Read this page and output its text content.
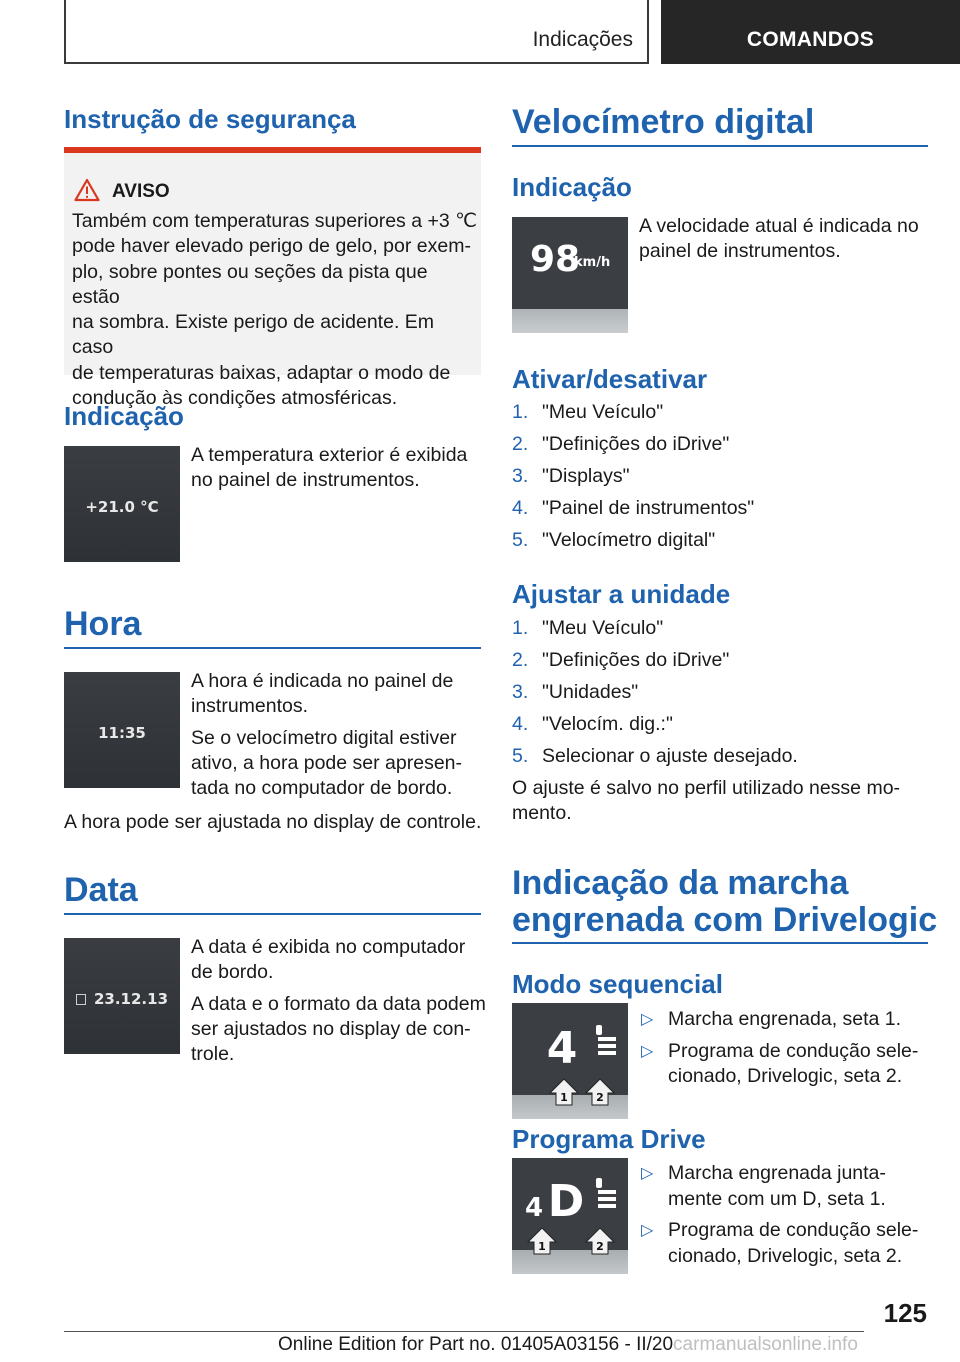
Indicações	COMANDOS
Instrução de segurança
AVISO
Também com temperaturas superiores a +3 ℃
pode haver elevado perigo de gelo, por exem-
plo, sobre pontes ou seções da pista que estão
na sombra. Existe perigo de acidente. Em caso
de temperaturas baixas, adaptar o modo de
condução às condições atmosféricas.
Indicação
+21.0 °C
A temperatura exterior é exibida
no painel de instrumentos.
Hora
11:35
A hora é indicada no painel de
instrumentos.
Se o velocímetro digital estiver
ativo, a hora pode ser apresen-
tada no computador de bordo.
A hora pode ser ajustada no display de controle.
Data
23.12.13
A data é exibida no computador
de bordo.
A data e o formato da data podem
ser ajustados no display de con-
trole.
Velocímetro digital
Indicação
98
km/h
A velocidade atual é indicada no
painel de instrumentos.
Ativar/desativar
1. "Meu Veículo"
2. "Definições do iDrive"
3. "Displays"
4. "Painel de instrumentos"
5. "Velocímetro digital"
Ajustar a unidade
1. "Meu Veículo"
2. "Definições do iDrive"
3. "Unidades"
4. "Velocím. dig.:"
5. Selecionar o ajuste desejado.
O ajuste é salvo no perfil utilizado nesse mo-
mento.
Indicação da marcha
engrenada com Drivelogic
Modo sequencial
4
1	2
▷ Marcha engrenada, seta 1.
▷ Programa de condução sele-
cionado, Drivelogic, seta 2.
Programa Drive
4 D
1	2
▷ Marcha engrenada junta-
mente com um D, seta 1.
▷ Programa de condução sele-
cionado, Drivelogic, seta 2.
125
Online Edition for Part no. 01405A03156 - II/20carmanualsonline.info
